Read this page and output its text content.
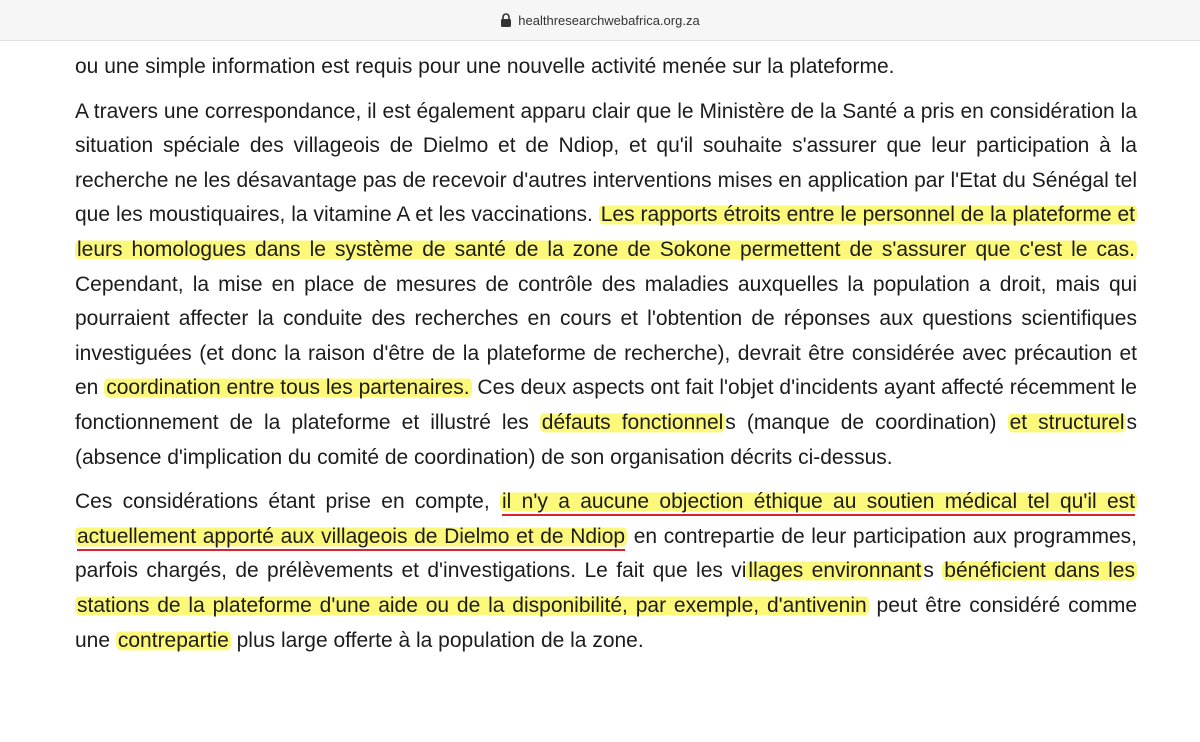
healthresearchwebafrica.org.za

ou une simple information est requis pour une nouvelle activité menée sur la plateforme.

A travers une correspondance, il est également apparu clair que le Ministère de la Santé a pris en considération la situation spéciale des villageois de Dielmo et de Ndiop, et qu'il souhaite s'assurer que leur participation à la recherche ne les désavantage pas de recevoir d'autres interventions mises en application par l'Etat du Sénégal tel que les moustiquaires, la vitamine A et les vaccinations. Les rapports étroits entre le personnel de la plateforme et leurs homologues dans le système de santé de la zone de Sokone permettent de s'assurer que c'est le cas. Cependant, la mise en place de mesures de contrôle des maladies auxquelles la population a droit, mais qui pourraient affecter la conduite des recherches en cours et l'obtention de réponses aux questions scientifiques investiguées (et donc la raison d'être de la plateforme de recherche), devrait être considérée avec précaution et en coordination entre tous les partenaires. Ces deux aspects ont fait l'objet d'incidents ayant affecté récemment le fonctionnement de la plateforme et illustré les défauts fonctionnels (manque de coordination) et structurels (absence d'implication du comité de coordination) de son organisation décrits ci-dessus.

Ces considérations étant prise en compte, il n'y a aucune objection éthique au soutien médical tel qu'il est actuellement apporté aux villageois de Dielmo et de Ndiop en contrepartie de leur participation aux programmes, parfois chargés, de prélèvements et d'investigations. Le fait que les villages environnants bénéficient dans les stations de la plateforme d'une aide ou de la disponibilité, par exemple, d'antivenin peut être considéré comme une contrepartie plus large offerte à la population de la zone.
